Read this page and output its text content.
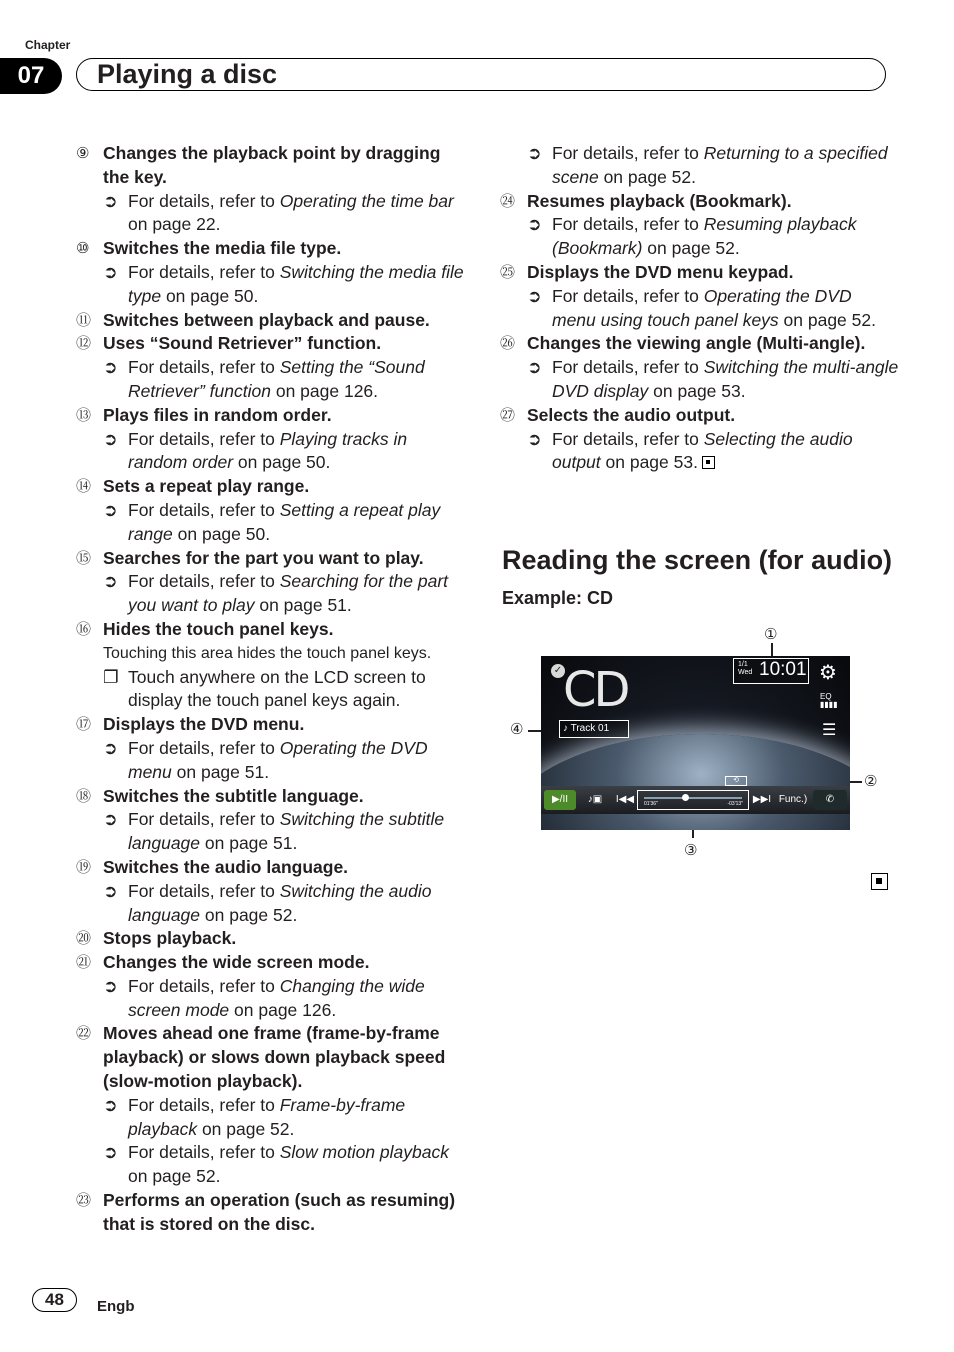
Chapter
07	Playing a disc
⑨ Changes the playback point by dragging the key.
➲ For details, refer to Operating the time bar on page 22.
⑩ Switches the media file type.
➲ For details, refer to Switching the media file type on page 50.
⑪ Switches between playback and pause.
⑫ Uses “Sound Retriever” function.
➲ For details, refer to Setting the “Sound Retriever” function on page 126.
⑬ Plays files in random order.
➲ For details, refer to Playing tracks in random order on page 50.
⑭ Sets a repeat play range.
➲ For details, refer to Setting a repeat play range on page 50.
⑮ Searches for the part you want to play.
➲ For details, refer to Searching for the part you want to play on page 51.
⑯ Hides the touch panel keys.
Touching this area hides the touch panel keys.
❐ Touch anywhere on the LCD screen to display the touch panel keys again.
⑰ Displays the DVD menu.
➲ For details, refer to Operating the DVD menu on page 51.
⑱ Switches the subtitle language.
➲ For details, refer to Switching the subtitle language on page 51.
⑲ Switches the audio language.
➲ For details, refer to Switching the audio language on page 52.
⑳ Stops playback.
㉑ Changes the wide screen mode.
➲ For details, refer to Changing the wide screen mode on page 126.
㉒ Moves ahead one frame (frame-by-frame playback) or slows down playback speed (slow-motion playback).
➲ For details, refer to Frame-by-frame playback on page 52.
➲ For details, refer to Slow motion playback on page 52.
㉓ Performs an operation (such as resuming) that is stored on the disc.
➲ For details, refer to Returning to a specified scene on page 52.
㉔ Resumes playback (Bookmark).
➲ For details, refer to Resuming playback (Bookmark) on page 52.
㉕ Displays the DVD menu keypad.
➲ For details, refer to Operating the DVD menu using touch panel keys on page 52.
㉖ Changes the viewing angle (Multi-angle).
➲ For details, refer to Switching the multi-angle DVD display on page 53.
㉗ Selects the audio output.
➲ For details, refer to Selecting the audio output on page 53.
Reading the screen (for audio)
Example: CD
①
④
②
③
✓ CD	1/1
Wed 10:01 ⚙
EQ
▮▮▮▮
☰
♪ Track 01
⟲
▶/II	♪▣	I◀◀ 01'36"	-03'13" ▶▶I Func.)	✆
48	Engb
